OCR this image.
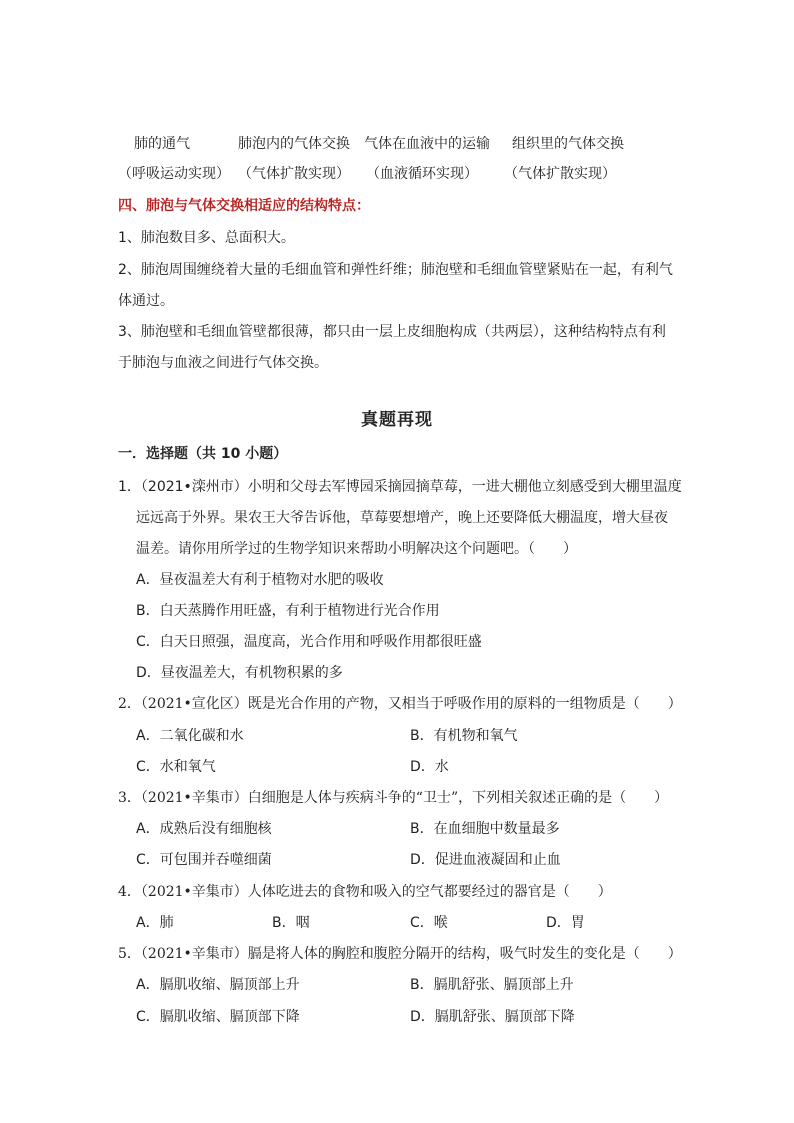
肺的通气	肺泡内的气体交换 气体在血液中的运输 组织里的气体交换
（呼吸运动实现） （气体扩散实现） （血液循环实现） （气体扩散实现）
四、肺泡与气体交换相适应的结构特点：
1、肺泡数目多、总面积大。
2、肺泡周围缠绕着大量的毛细血管和弹性纤维；肺泡壁和毛细血管壁紧贴在一起，有利气
体通过。
3、肺泡壁和毛细血管壁都很薄，都只由一层上皮细胞构成（共两层），这种结构特点有利
于肺泡与血液之间进行气体交换。
真题再现
一．选择题（共 10 小题）
1．（2021•滦州市）小明和父母去军博园采摘园摘草莓，一进大棚他立刻感受到大棚里温度
远远高于外界。果农王大爷告诉他，草莓要想增产，晚上还要降低大棚温度，增大昼夜
温差。请你用所学过的生物学知识来帮助小明解决这个问题吧。（　　）
A．昼夜温差大有利于植物对水肥的吸收
B．白天蒸腾作用旺盛，有利于植物进行光合作用
C．白天日照强，温度高，光合作用和呼吸作用都很旺盛
D．昼夜温差大，有机物积累的多
2．（2021•宣化区）既是光合作用的产物，又相当于呼吸作用的原料的一组物质是（　　）
A．二氧化碳和水	B．有机物和氧气
C．水和氧气	D．水
3．（2021•辛集市）白细胞是人体与疾病斗争的“卫士”，下列相关叙述正确的是（　　）
A．成熟后没有细胞核	B．在血细胞中数量最多
C．可包围并吞噬细菌	D．促进血液凝固和止血
4．（2021•辛集市）人体吃进去的食物和吸入的空气都要经过的器官是（　　）
A．肺	B．咽	C．喉	D．胃
5．（2021•辛集市）膈是将人体的胸腔和腹腔分隔开的结构，吸气时发生的变化是（　　）
A．膈肌收缩、膈顶部上升	B．膈肌舒张、膈顶部上升
C．膈肌收缩、膈顶部下降	D．膈肌舒张、膈顶部下降
